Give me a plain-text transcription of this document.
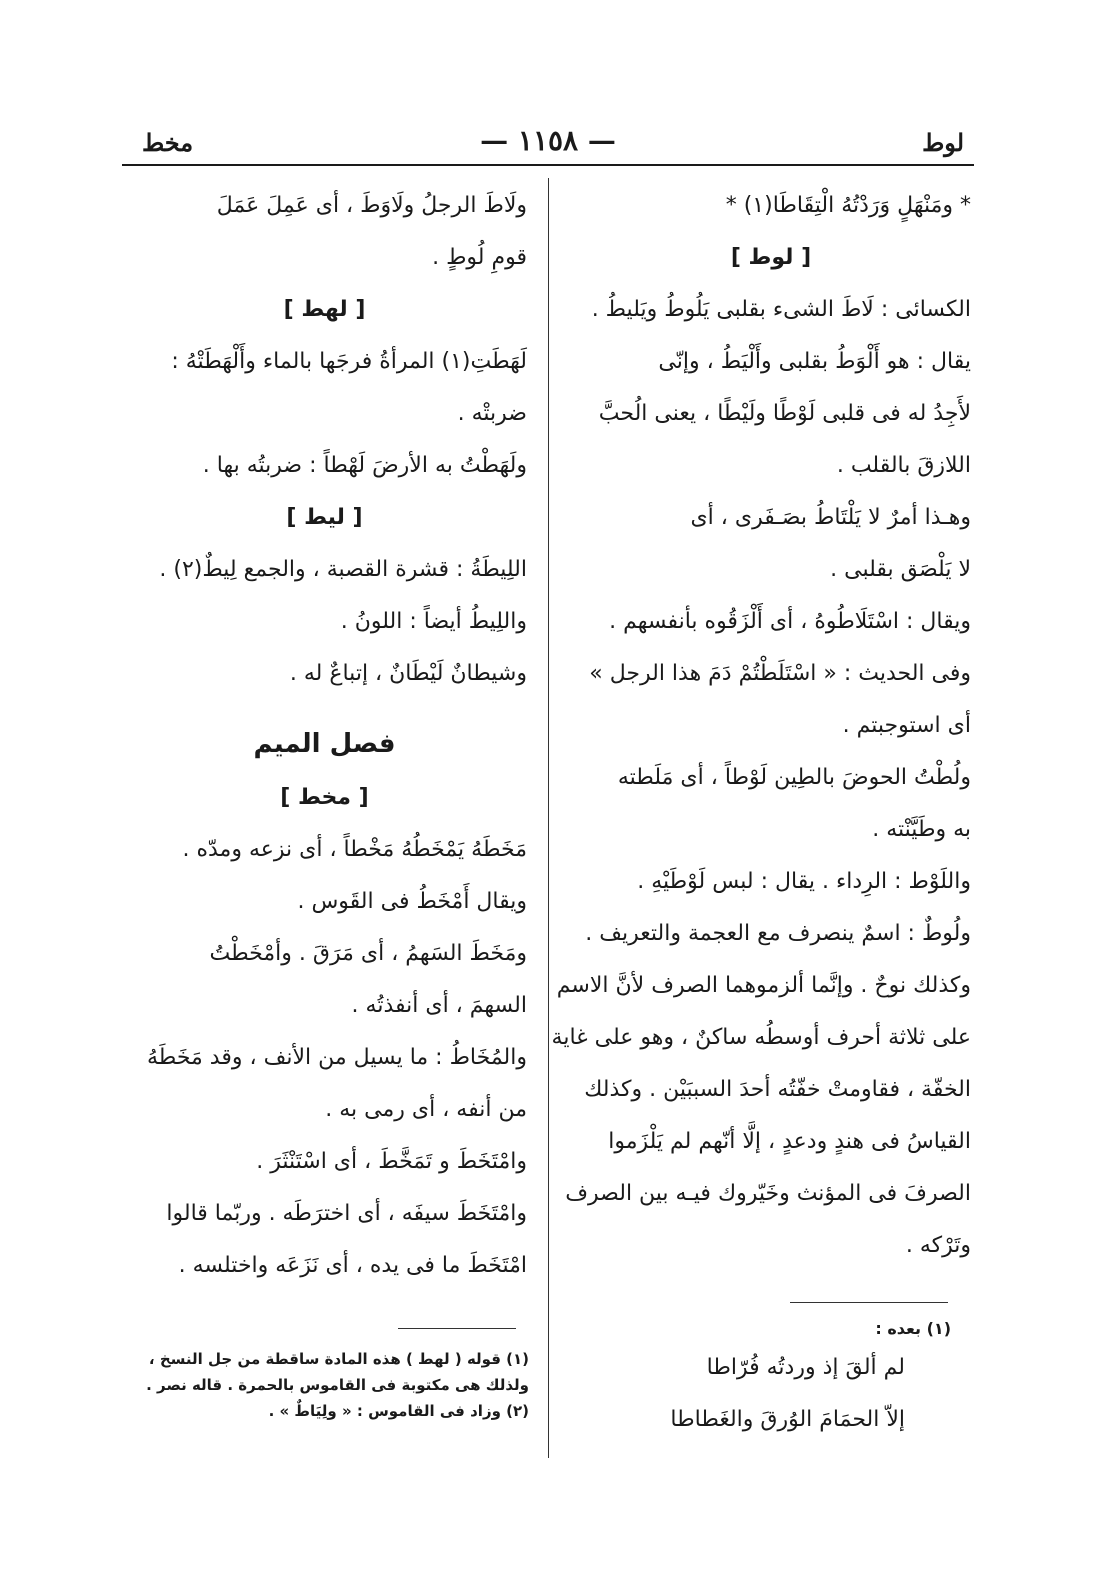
لوط
— ١١٥٨ —
مخط
* ومَنْهَلٍ وَرَدْتُهُ الْتِقَاطَا(١) *
[ لوط ]
الكسائى : لَاطَ الشىء بقلبى يَلُوطُ ويَليطُ .
يقال : هو أَلْوَطُ بقلبى وأَلْيَطُ ، وإنّى
لأَجِدُ له فى قلبى لَوْطًا ولَيْطًا ، يعنى الُحبَّ
اللازقَ بالقلب .
وهـذا أمرٌ لا يَلْتَاطُ بصَـفَرى ، أى
لا يَلْصَق بقلبى .
ويقال : اسْتَلَاطُوهُ ، أى أَلْزَقُوه بأنفسهم .
وفى الحديث : « اسْتَلَطْتُمْ دَمَ هذا الرجل »
أى استوجبتم .
ولُطْتُ الحوضَ بالطِين لَوْطاً ، أى مَلَطته
به وطَيَّنْته .
واللَوْط : الرِداء . يقال : لبس لَوْطَيْهِ .
ولُوطٌ : اسمٌ ينصرف مع العجمة والتعريف .
وكذلك نوحٌ . وإنَّما ألزموهما الصرف لأنَّ الاسم
على ثلاثة أحرف أوسطُه ساكنٌ ، وهو على غاية
الخفّة ، فقاومتْ خفّتُه أحدَ السببَيْن . وكذلك
القياسُ فى هندٍ ودعدٍ ، إلَّا أنّهم لم يَلْزَموا
الصرفَ فى المؤنث وخَيّروك فيـه بين الصرف
وتَرْكه .
ولَاطَ الرجلُ ولَاوَطَ ، أى عَمِلَ عَمَلَ
قومِ لُوطٍ .
[ لهط ]
لَهَطَتِ(١) المرأةُ فرجَها بالماء وأَلْهَطَتْهُ :
ضربتْه .
ولَهَطْتُ به الأرضَ لَهْطاً : ضربتُه بها .
[ ليط ]
اللِيطَةُ : قشرة القصبة ، والجمع لِيطٌ(٢) .
واللِيطُ أيضاً : اللونُ .
وشيطانٌ لَيْطَانٌ ، إتباعٌ له .
فصل الميم
[ مخط ]
مَخَطَهُ يَمْخَطُهُ مَخْطاً ، أى نزعه ومدّه .
ويقال أَمْخَطُ فى القَوس .
ومَخَطَ السَهمُ ، أى مَرَقَ . وأمْخَطْتُ
السهمَ ، أى أنفذتُه .
والمُخَاطُ : ما يسيل من الأنف ، وقد مَخَطَهُ
من أنفه ، أى رمى به .
وامْتَخَطَ و تَمَخَّطَ ، أى اسْتَنْثَرَ .
وامْتَخَطَ سيفَه ، أى اخترَطَه . وربّما قالوا
امْتَخَطَ ما فى يده ، أى نَزَعَه واختلسه .
(١) قوله ( لهط ) هذه المادة ساقطة من جل النسخ ،
ولذلك هى مكتوبة فى القاموس بالحمرة . قاله نصر .
(٢) وزاد فى القاموس : « ولِيَاطٌ » .
(١) بعده :
لم ألقَ إذ وردتُه فُرّاطا
إلاّ الحمَامَ الوُرقَ والغَطاطا
